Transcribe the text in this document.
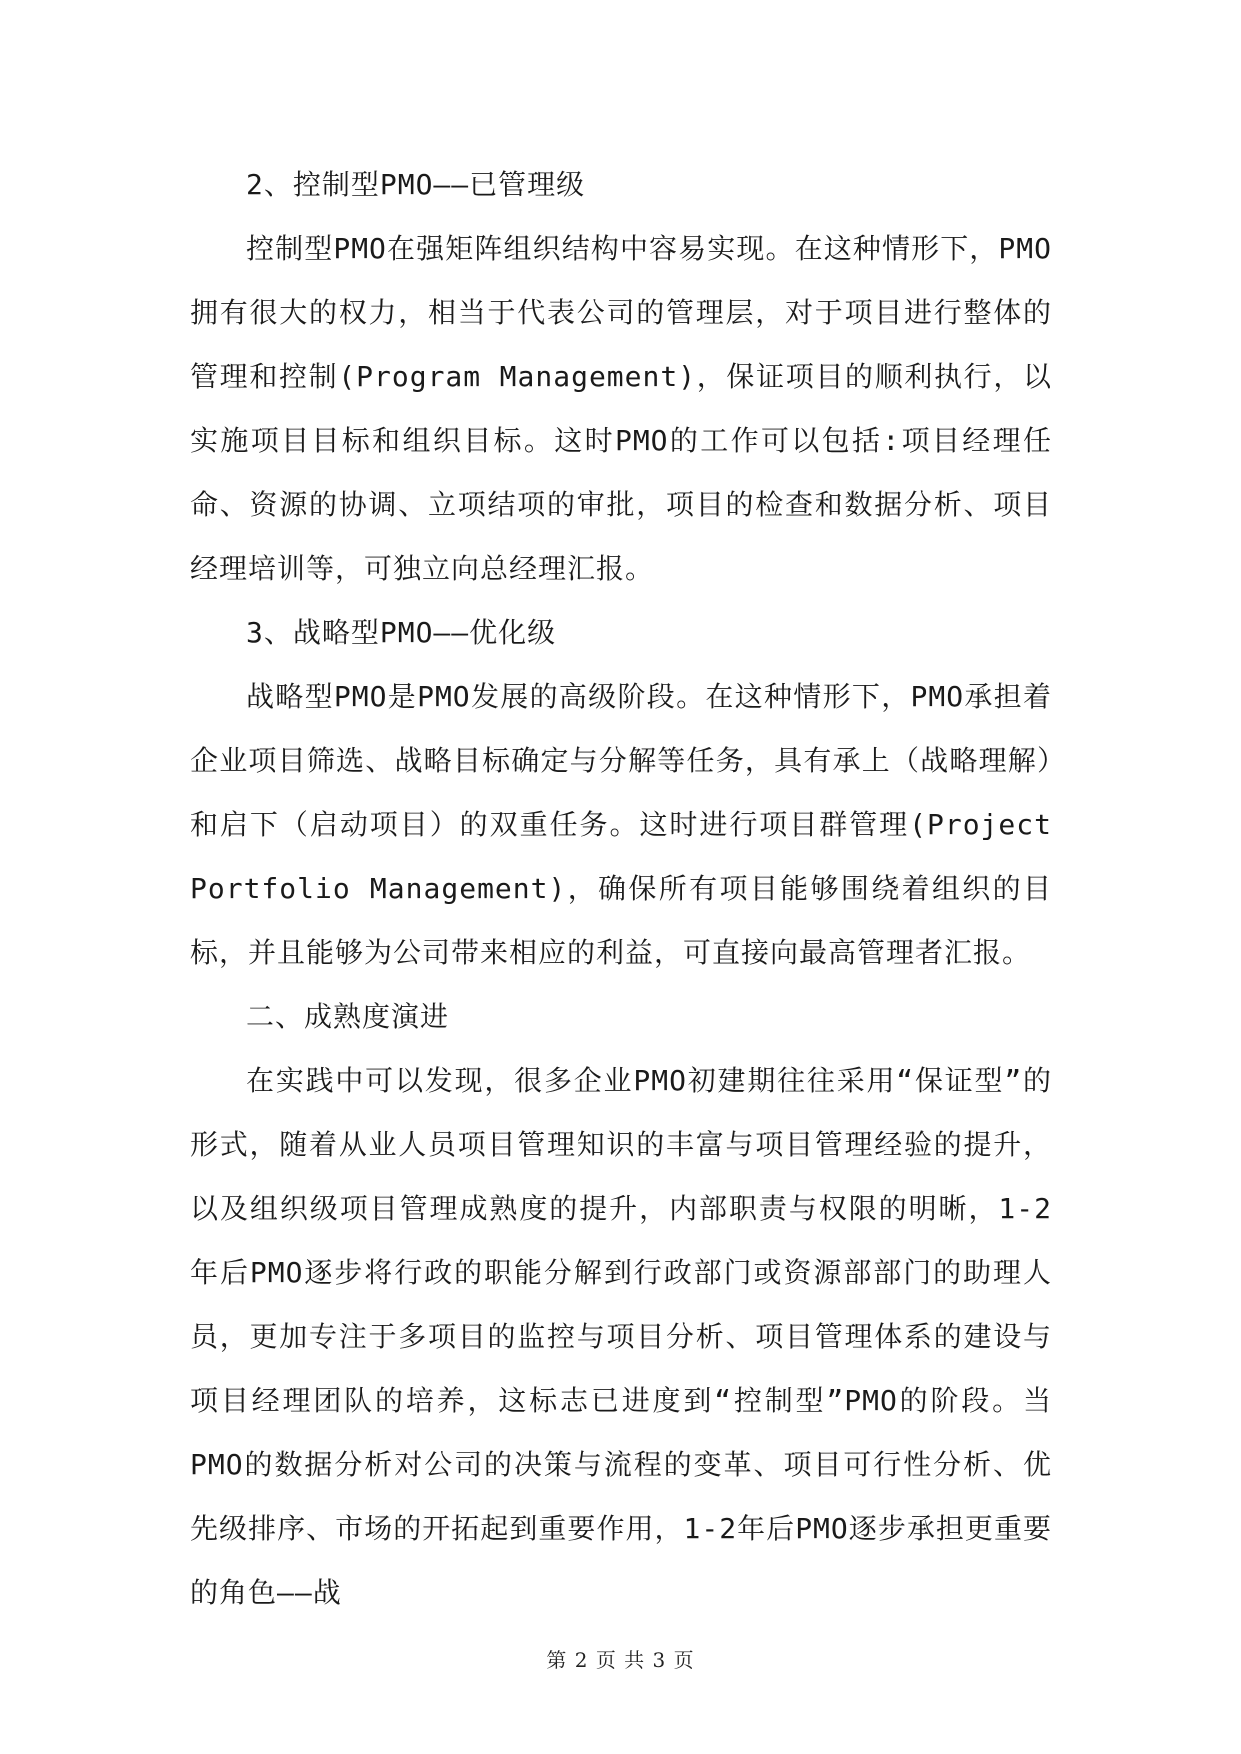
2、控制型PMO——已管理级

控制型PMO在强矩阵组织结构中容易实现。在这种情形下，PMO拥有很大的权力，相当于代表公司的管理层，对于项目进行整体的管理和控制(Program Management)，保证项目的顺利执行，以实施项目目标和组织目标。这时PMO的工作可以包括:项目经理任命、资源的协调、立项结项的审批，项目的检查和数据分析、项目经理培训等，可独立向总经理汇报。

3、战略型PMO——优化级

战略型PMO是PMO发展的高级阶段。在这种情形下，PMO承担着企业项目筛选、战略目标确定与分解等任务，具有承上（战略理解）和启下（启动项目）的双重任务。这时进行项目群管理(Project Portfolio Management)，确保所有项目能够围绕着组织的目标，并且能够为公司带来相应的利益，可直接向最高管理者汇报。

二、成熟度演进

在实践中可以发现，很多企业PMO初建期往往采用“保证型”的形式，随着从业人员项目管理知识的丰富与项目管理经验的提升，以及组织级项目管理成熟度的提升，内部职责与权限的明晰，1-2年后PMO逐步将行政的职能分解到行政部门或资源部部门的助理人员，更加专注于多项目的监控与项目分析、项目管理体系的建设与项目经理团队的培养，这标志已进度到“控制型”PMO的阶段。当PMO的数据分析对公司的决策与流程的变革、项目可行性分析、优先级排序、市场的开拓起到重要作用，1-2年后PMO逐步承担更重要的角色——战

第 2 页 共 3 页
